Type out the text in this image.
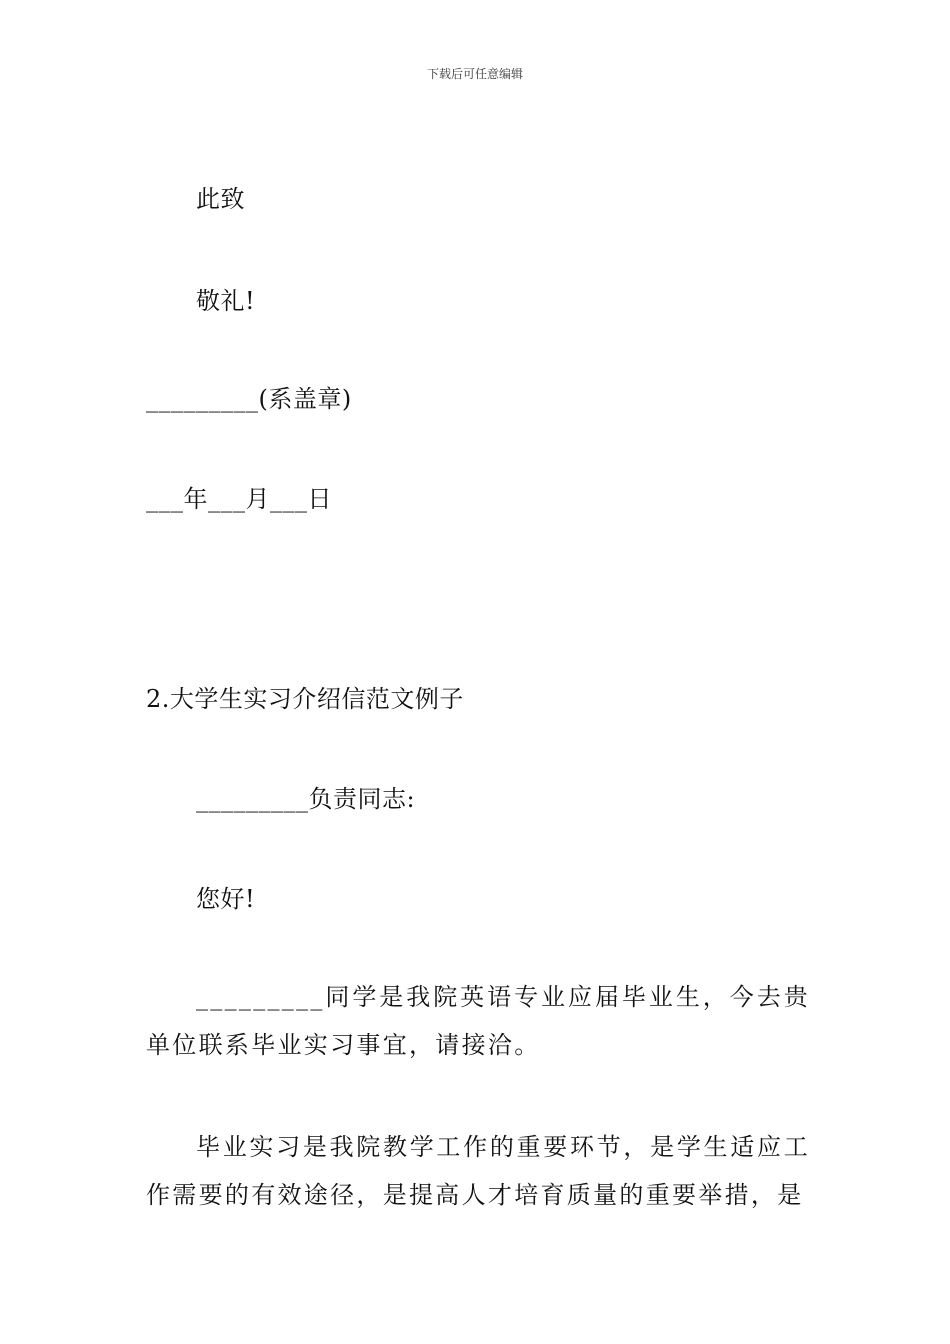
下载后可任意编辑
此致
敬礼!
_________(系盖章)
___年___月___日
2.大学生实习介绍信范文例子
_________负责同志:
您好!
_________同学是我院英语专业应届毕业生，今去贵单位联系毕业实习事宜，请接洽。
毕业实习是我院教学工作的重要环节，是学生适应工作需要的有效途径，是提高人才培育质量的重要举措，是
